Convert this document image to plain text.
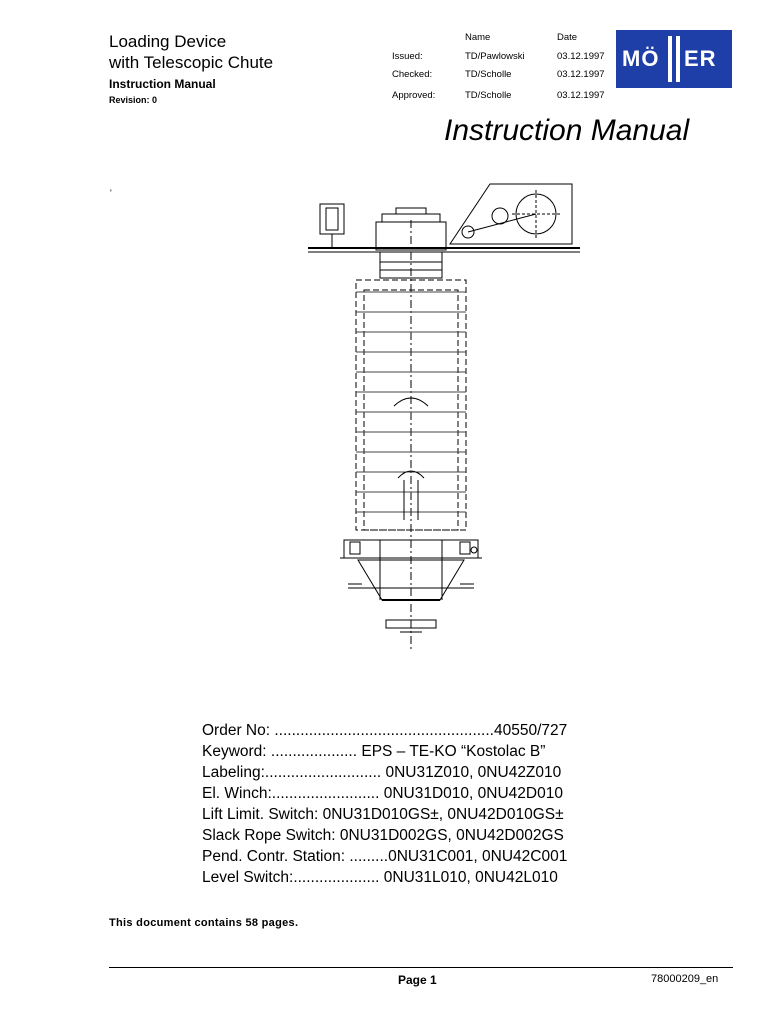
Loading Device
with Telescopic Chute
Instruction Manual
Revision: 0
Name	Date
Issued:	TD/Pawlowski	03.12.1997
Checked:	TD/Scholle	03.12.1997
Approved:	TD/Scholle	03.12.1997
MÖ ER
Instruction Manual
'
Order No: ...................................................40550/727
Keyword: .................... EPS – TE-KO “Kostolac B”
Labeling:........................... 0NU31Z010, 0NU42Z010
El. Winch:......................... 0NU31D010, 0NU42D010
Lift Limit. Switch: 0NU31D010GS±, 0NU42D010GS±
Slack Rope Switch: 0NU31D002GS, 0NU42D002GS
Pend. Contr. Station: .........0NU31C001, 0NU42C001
Level Switch:.................... 0NU31L010, 0NU42L010
This document contains 58 pages.
Page 1	78000209_en
